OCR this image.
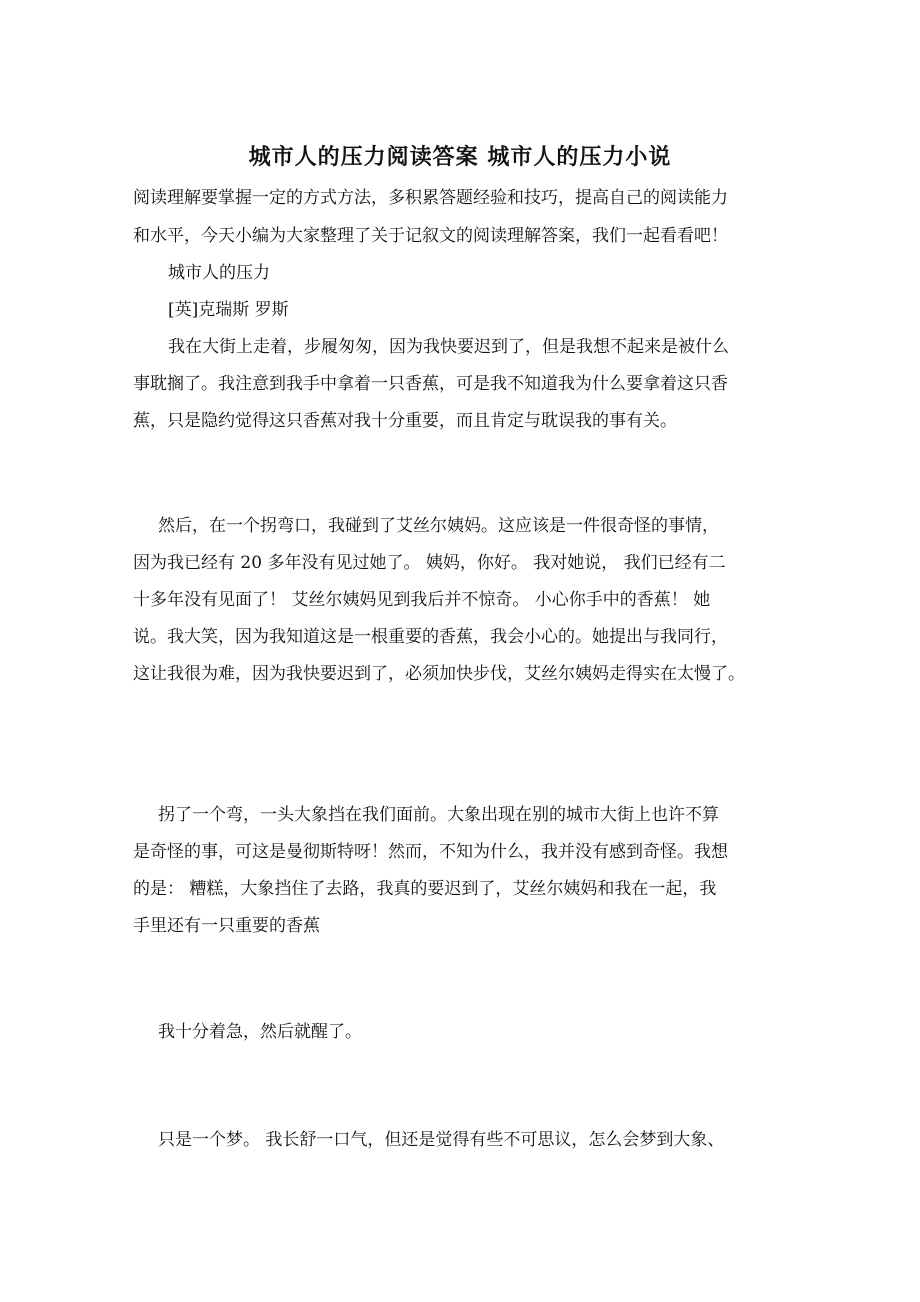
城市人的压力阅读答案 城市人的压力小说
阅读理解要掌握一定的方式方法，多积累答题经验和技巧，提高自己的阅读能力
和水平，今天小编为大家整理了关于记叙文的阅读理解答案，我们一起看看吧！
城市人的压力
[英]克瑞斯 罗斯
我在大街上走着，步履匆匆，因为我快要迟到了，但是我想不起来是被什么
事耽搁了。我注意到我手中拿着一只香蕉，可是我不知道我为什么要拿着这只香
蕉，只是隐约觉得这只香蕉对我十分重要，而且肯定与耽误我的事有关。
然后，在一个拐弯口，我碰到了艾丝尔姨妈。这应该是一件很奇怪的事情，
因为我已经有 20 多年没有见过她了。 姨妈，你好。 我对她说， 我们已经有二
十多年没有见面了！ 艾丝尔姨妈见到我后并不惊奇。 小心你手中的香蕉！ 她
说。我大笑，因为我知道这是一根重要的香蕉，我会小心的。她提出与我同行，
这让我很为难，因为我快要迟到了，必须加快步伐，艾丝尔姨妈走得实在太慢了。
拐了一个弯，一头大象挡在我们面前。大象出现在别的城市大街上也许不算
是奇怪的事，可这是曼彻斯特呀！然而，不知为什么，我并没有感到奇怪。我想
的是： 糟糕，大象挡住了去路，我真的要迟到了，艾丝尔姨妈和我在一起，我
手里还有一只重要的香蕉
我十分着急，然后就醒了。
只是一个梦。 我长舒一口气，但还是觉得有些不可思议，怎么会梦到大象、
